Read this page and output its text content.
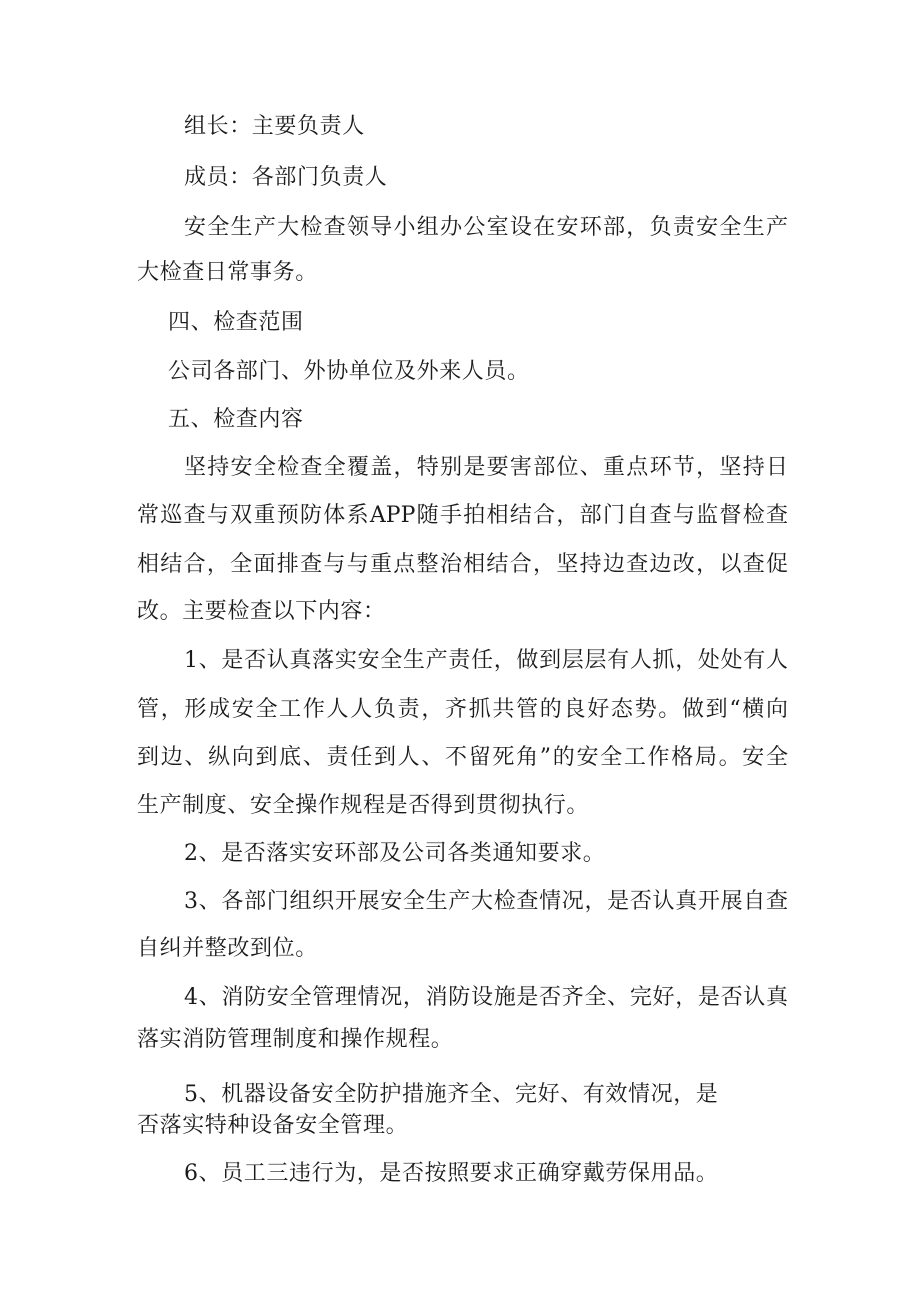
组长：主要负责人
成员：各部门负责人
安全生产大检查领导小组办公室设在安环部，负责安全生产
大检查日常事务。
四、检查范围
公司各部门、外协单位及外来人员。
五、检查内容
坚持安全检查全覆盖，特别是要害部位、重点环节，坚持日
常巡查与双重预防体系APP随手拍相结合，部门自查与监督检查
相结合，全面排查与与重点整治相结合，坚持边查边改，以查促
改。主要检查以下内容：
1、是否认真落实安全生产责任，做到层层有人抓，处处有人
管，形成安全工作人人负责，齐抓共管的良好态势。做到“横向
到边、纵向到底、责任到人、不留死角”的安全工作格局。安全
生产制度、安全操作规程是否得到贯彻执行。
2、是否落实安环部及公司各类通知要求。
3、各部门组织开展安全生产大检查情况，是否认真开展自查
自纠并整改到位。
4、消防安全管理情况，消防设施是否齐全、完好，是否认真
落实消防管理制度和操作规程。
5、机器设备安全防护措施齐全、完好、有效情况，是
否落实特种设备安全管理。
6、员工三违行为，是否按照要求正确穿戴劳保用品。
